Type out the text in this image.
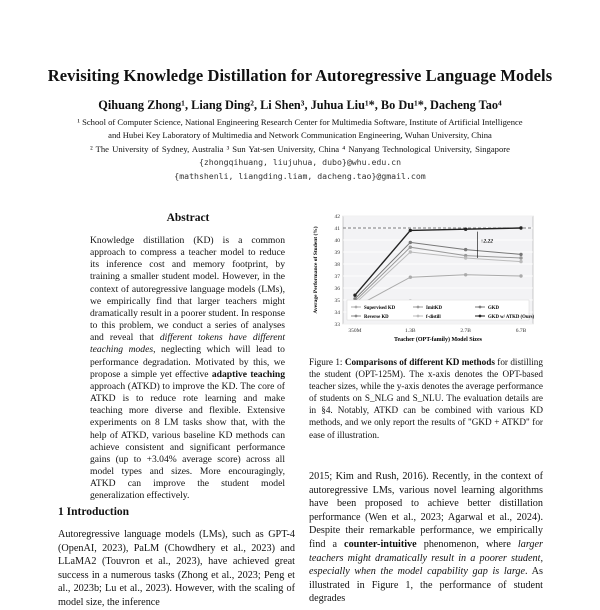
Revisiting Knowledge Distillation for Autoregressive Language Models
Qihuang Zhong¹, Liang Ding², Li Shen³, Juhua Liu¹*, Bo Du¹*, Dacheng Tao⁴
¹ School of Computer Science, National Engineering Research Center for Multimedia Software, Institute of Artificial Intelligence
and Hubei Key Laboratory of Multimedia and Network Communication Engineering, Wuhan University, China
² The University of Sydney, Australia ³ Sun Yat-sen University, China ⁴ Nanyang Technological University, Singapore
{zhongqihuang, liujuhua, dubo}@whu.edu.cn
{mathshenli, liangding.liam, dacheng.tao}@gmail.com
Abstract
Knowledge distillation (KD) is a common approach to compress a teacher model to reduce its inference cost and memory footprint, by training a smaller student model. However, in the context of autoregressive language models (LMs), we empirically find that larger teachers might dramatically result in a poorer student. In response to this problem, we conduct a series of analyses and reveal that different tokens have different teaching modes, neglecting which will lead to performance degradation. Motivated by this, we propose a simple yet effective adaptive teaching approach (ATKD) to improve the KD. The core of ATKD is to reduce rote learning and make teaching more diverse and flexible. Extensive experiments on 8 LM tasks show that, with the help of ATKD, various baseline KD methods can achieve consistent and significant performance gains (up to +3.04% average score) across all model types and sizes. More encouragingly, ATKD can improve the student model generalization effectively.
1 Introduction
Autoregressive language models (LMs), such as GPT-4 (OpenAI, 2023), PaLM (Chowdhery et al., 2023) and LLaMA2 (Touvron et al., 2023), have achieved great success in a numerous tasks (Zhong et al., 2023; Peng et al., 2023b; Lu et al., 2023). However, with the scaling of model size, the inference
33
34
35
36
37
38
39
40
41
42
350M	1.3B	2.7B	6.7B
Teacher (OPT-family) Model Sizes
Average Performance of Student (%)	↑2.22
Supervised KD
Reverse KD
ImitKD
f-distill
GKD
GKD w/ ATKD (Ours)
Figure 1: Comparisons of different KD methods for distilling the student (OPT-125M). The x-axis denotes the OPT-based teacher sizes, while the y-axis denotes the average performance of students on S_NLG and S_NLU. The evaluation details are in §4. Notably, ATKD can be combined with various KD methods, and we only report the results of "GKD + ATKD" for ease of illustration.
2015; Kim and Rush, 2016). Recently, in the context of autoregressive LMs, various novel learning algorithms have been proposed to achieve better distillation performance (Wen et al., 2023; Agarwal et al., 2024). Despite their remarkable performance, we empirically find a counter-intuitive phenomenon, where larger teachers might dramatically result in a poorer student, especially when the model capability gap is large. As illustrated in Figure 1, the performance of student degrades
